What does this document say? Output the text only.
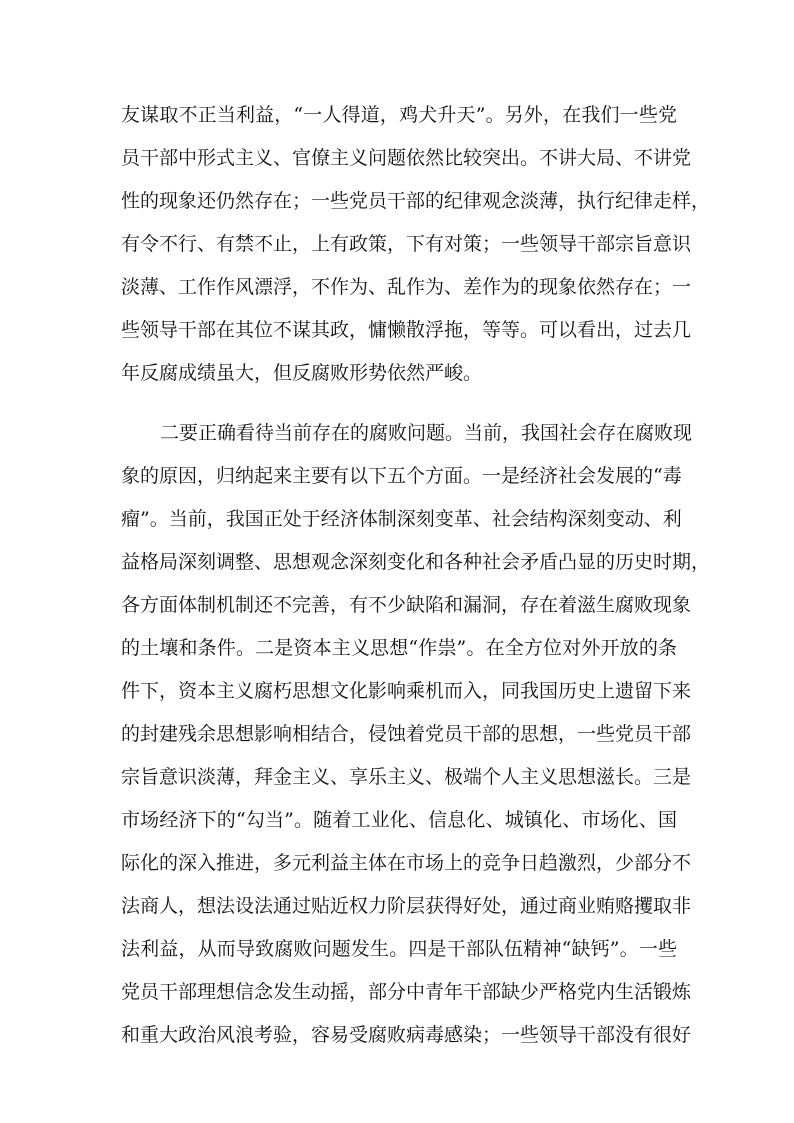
友谋取不正当利益，“一人得道，鸡犬升天”。另外，在我们一些党
员干部中形式主义、官僚主义问题依然比较突出。不讲大局、不讲党
性的现象还仍然存在；一些党员干部的纪律观念淡薄，执行纪律走样，
有令不行、有禁不止，上有政策，下有对策；一些领导干部宗旨意识
淡薄、工作作风漂浮，不作为、乱作为、差作为的现象依然存在；一
些领导干部在其位不谋其政，慵懒散浮拖，等等。可以看出，过去几
年反腐成绩虽大，但反腐败形势依然严峻。
二要正确看待当前存在的腐败问题。当前，我国社会存在腐败现
象的原因，归纳起来主要有以下五个方面。一是经济社会发展的“毒
瘤”。当前，我国正处于经济体制深刻变革、社会结构深刻变动、利
益格局深刻调整、思想观念深刻变化和各种社会矛盾凸显的历史时期，
各方面体制机制还不完善，有不少缺陷和漏洞，存在着滋生腐败现象
的土壤和条件。二是资本主义思想“作祟”。在全方位对外开放的条
件下，资本主义腐朽思想文化影响乘机而入，同我国历史上遗留下来
的封建残余思想影响相结合，侵蚀着党员干部的思想，一些党员干部
宗旨意识淡薄，拜金主义、享乐主义、极端个人主义思想滋长。三是
市场经济下的“勾当”。随着工业化、信息化、城镇化、市场化、国
际化的深入推进，多元利益主体在市场上的竞争日趋激烈，少部分不
法商人，想法设法通过贴近权力阶层获得好处，通过商业贿赂攫取非
法利益，从而导致腐败问题发生。四是干部队伍精神“缺钙”。一些
党员干部理想信念发生动摇，部分中青年干部缺少严格党内生活锻炼
和重大政治风浪考验，容易受腐败病毒感染；一些领导干部没有很好
